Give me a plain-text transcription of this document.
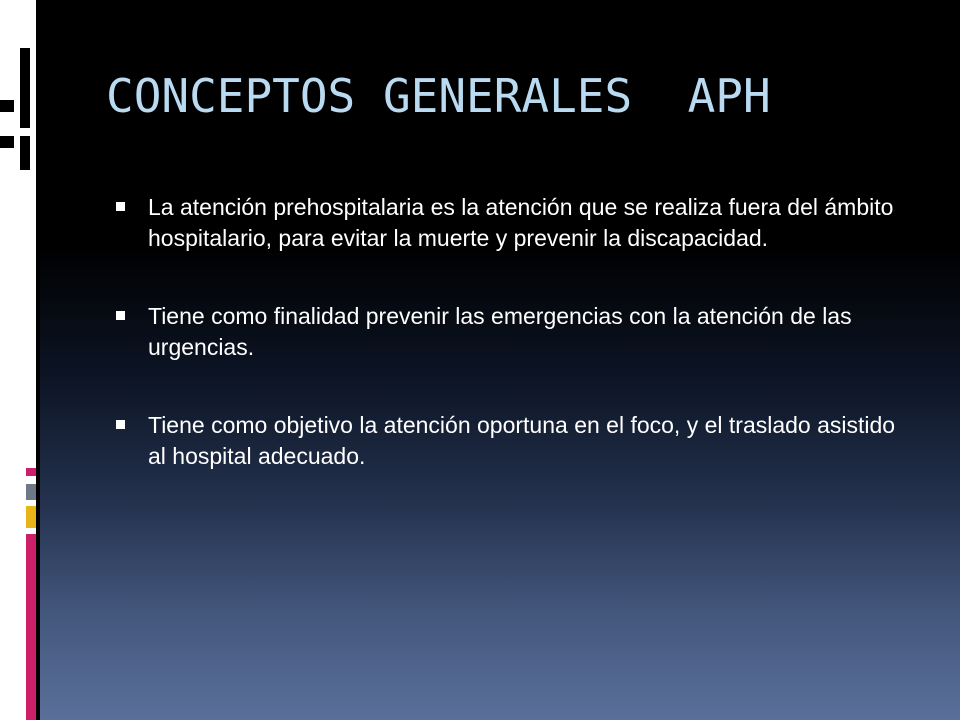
CONCEPTOS GENERALES  APH
La atención prehospitalaria es la atención que se realiza fuera del ámbito hospitalario, para evitar la muerte y prevenir la discapacidad.
Tiene como finalidad prevenir las emergencias con la atención de las urgencias.
Tiene como objetivo la atención oportuna en el foco, y el traslado asistido al hospital adecuado.
